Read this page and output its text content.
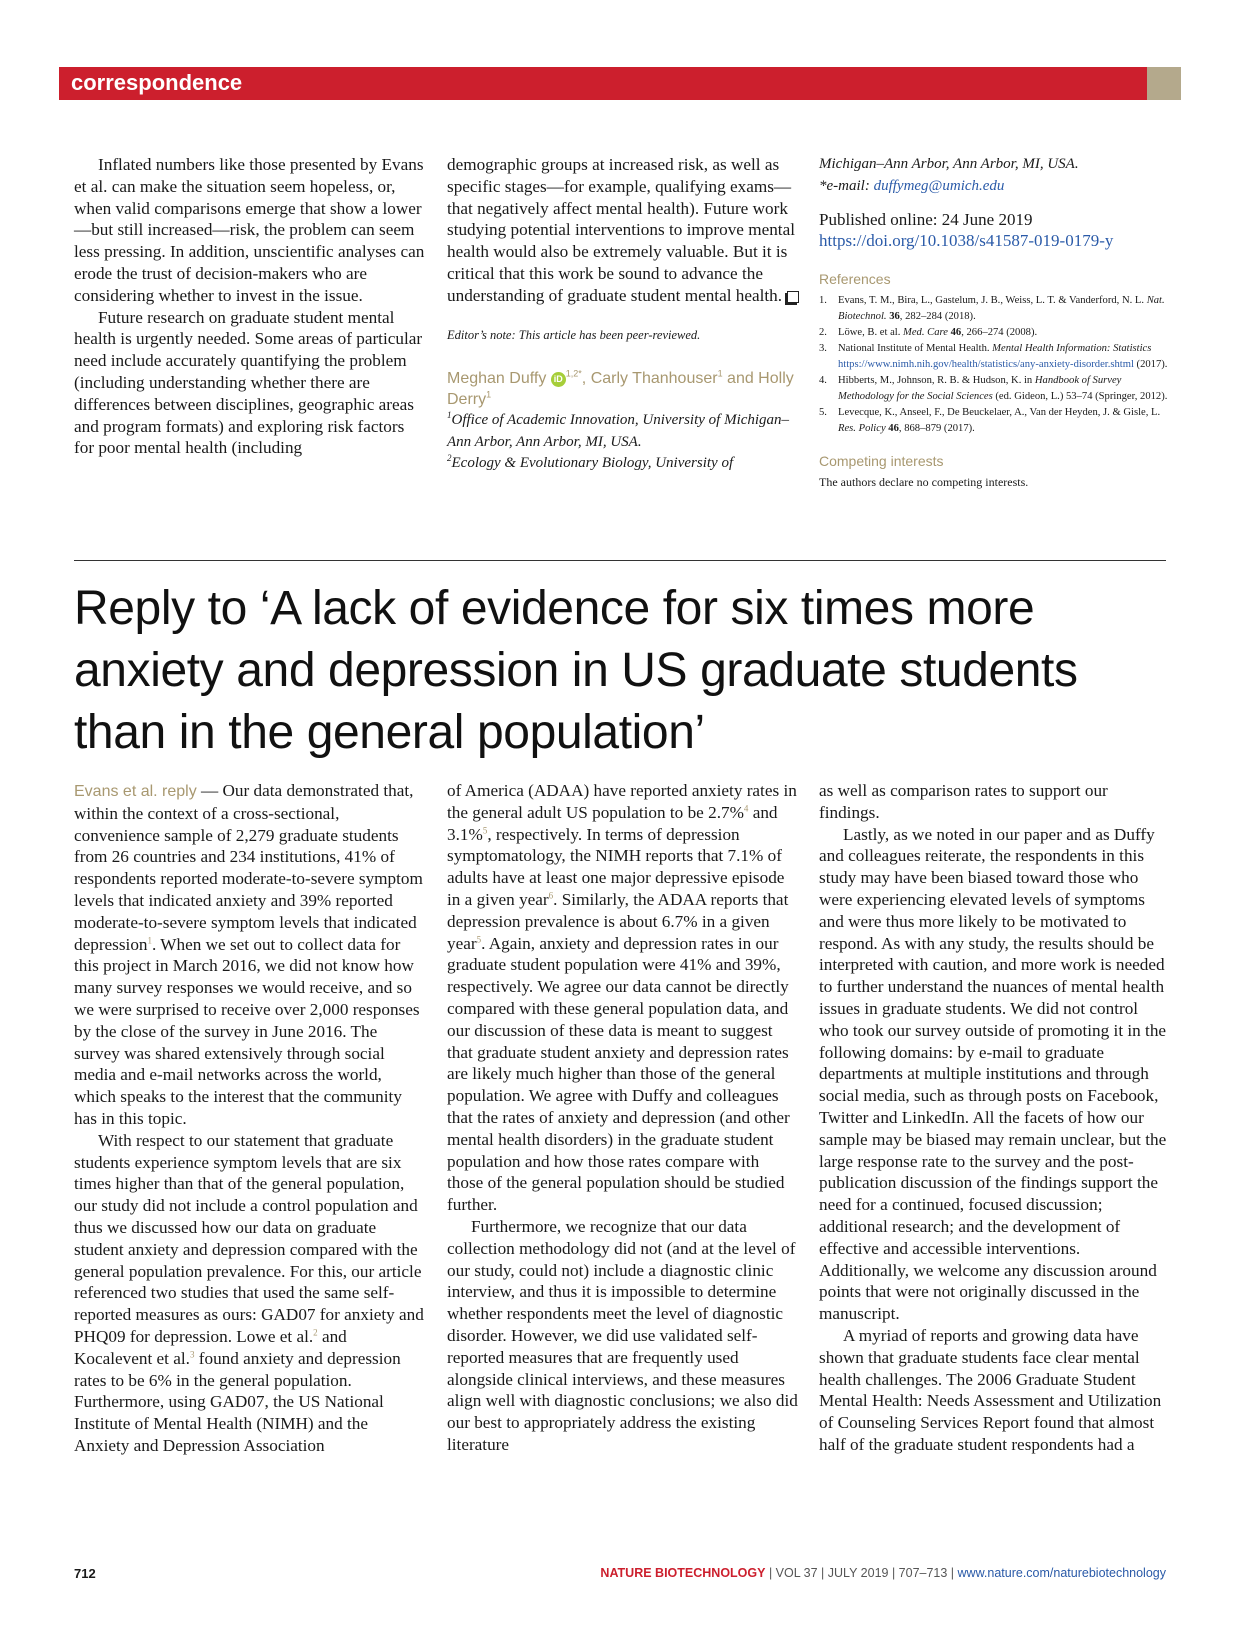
correspondence

Inflated numbers like those presented by Evans et al. can make the situation seem hopeless, or, when valid comparisons emerge that show a lower—but still increased—risk, the problem can seem less pressing. In addition, unscientific analyses can erode the trust of decision-makers who are considering whether to invest in the issue.

Future research on graduate student mental health is urgently needed. Some areas of particular need include accurately quantifying the problem (including understanding whether there are differences between disciplines, geographic areas and program formats) and exploring risk factors for poor mental health (including

demographic groups at increased risk, as well as specific stages—for example, qualifying exams—that negatively affect mental health). Future work studying potential interventions to improve mental health would also be extremely valuable. But it is critical that this work be sound to advance the understanding of graduate student mental health.

Editor’s note: This article has been peer-reviewed.

Meghan Duffy $iD^{1,2*}$, Carly Thanhouser$^1$ and Holly Derry$^1$

$^1$Office of Academic Innovation, University of Michigan–Ann Arbor, Ann Arbor, MI, USA.

$^2$Ecology & Evolutionary Biology, University of

Michigan–Ann Arbor, Ann Arbor, MI, USA.

*e-mail: duffymeg@umich.edu

Published online: 24 June 2019

https://doi.org/10.1038/s41587-019-0179-y

References

1. Evans, T. M., Bira, L., Gastelum, J. B., Weiss, L. T. & Vanderford, N. L. Nat. Biotechnol. 36, 282–284 (2018).
2. Löwe, B. et al. Med. Care 46, 266–274 (2008).
3. National Institute of Mental Health. Mental Health Information: Statistics https://www.nimh.nih.gov/health/statistics/any-anxiety-disorder.shtml (2017).
4. Hibberts, M., Johnson, R. B. & Hudson, K. in Handbook of Survey Methodology for the Social Sciences (ed. Gideon, L.) 53–74 (Springer, 2012).
5. Levecque, K., Anseel, F., De Beuckelaer, A., Van der Heyden, J. & Gisle, L. Res. Policy 46, 868–879 (2017).

Competing interests

The authors declare no competing interests.

Reply to ‘A lack of evidence for six times more anxiety and depression in US graduate students than in the general population’

Evans et al. reply — Our data demonstrated that, within the context of a cross-sectional, convenience sample of 2,279 graduate students from 26 countries and 234 institutions, 41% of respondents reported moderate-to-severe symptom levels that indicated anxiety and 39% reported moderate-to-severe symptom levels that indicated depression$^1$. When we set out to collect data for this project in March 2016, we did not know how many survey responses we would receive, and so we were surprised to receive over 2,000 responses by the close of the survey in June 2016. The survey was shared extensively through social media and e-mail networks across the world, which speaks to the interest that the community has in this topic.

With respect to our statement that graduate students experience symptom levels that are six times higher than that of the general population, our study did not include a control population and thus we discussed how our data on graduate student anxiety and depression compared with the general population prevalence. For this, our article referenced two studies that used the same self-reported measures as ours: GAD07 for anxiety and PHQ09 for depression. Lowe et al.$^2$ and Kocalevent et al.$^3$ found anxiety and depression rates to be 6% in the general population. Furthermore, using GAD07, the US National Institute of Mental Health (NIMH) and the Anxiety and Depression Association

of America (ADAA) have reported anxiety rates in the general adult US population to be 2.7%$^4$ and 3.1%$^5$, respectively. In terms of depression symptomatology, the NIMH reports that 7.1% of adults have at least one major depressive episode in a given year$^6$. Similarly, the ADAA reports that depression prevalence is about 6.7% in a given year$^5$. Again, anxiety and depression rates in our graduate student population were 41% and 39%, respectively. We agree our data cannot be directly compared with these general population data, and our discussion of these data is meant to suggest that graduate student anxiety and depression rates are likely much higher than those of the general population. We agree with Duffy and colleagues that the rates of anxiety and depression (and other mental health disorders) in the graduate student population and how those rates compare with those of the general population should be studied further.

Furthermore, we recognize that our data collection methodology did not (and at the level of our study, could not) include a diagnostic clinic interview, and thus it is impossible to determine whether respondents meet the level of diagnostic disorder. However, we did use validated self-reported measures that are frequently used alongside clinical interviews, and these measures align well with diagnostic conclusions; we also did our best to appropriately address the existing literature

as well as comparison rates to support our findings.

Lastly, as we noted in our paper and as Duffy and colleagues reiterate, the respondents in this study may have been biased toward those who were experiencing elevated levels of symptoms and were thus more likely to be motivated to respond. As with any study, the results should be interpreted with caution, and more work is needed to further understand the nuances of mental health issues in graduate students. We did not control who took our survey outside of promoting it in the following domains: by e-mail to graduate departments at multiple institutions and through social media, such as through posts on Facebook, Twitter and LinkedIn. All the facets of how our sample may be biased may remain unclear, but the large response rate to the survey and the post-publication discussion of the findings support the need for a continued, focused discussion; additional research; and the development of effective and accessible interventions. Additionally, we welcome any discussion around points that were not originally discussed in the manuscript.

A myriad of reports and growing data have shown that graduate students face clear mental health challenges. The 2006 Graduate Student Mental Health: Needs Assessment and Utilization of Counseling Services Report found that almost half of the graduate student respondents had a

712	NATURE BIOTECHNOLOGY | VOL 37 | JULY 2019 | 707–713 | www.nature.com/naturebiotechnology
